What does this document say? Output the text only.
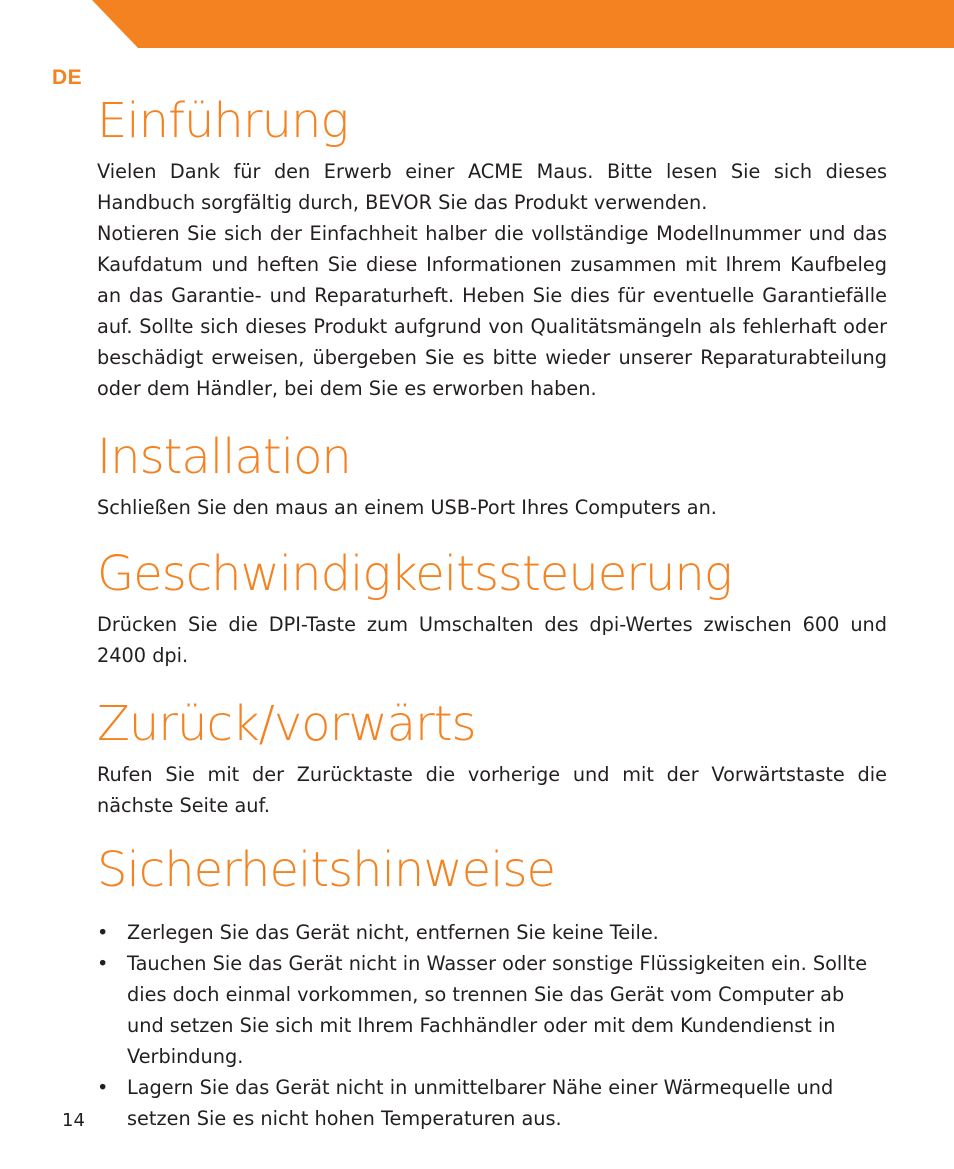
DE
Einführung

Vielen Dank für den Erwerb einer ACME Maus. Bitte lesen Sie sich dieses Handbuch sorgfältig durch, BEVOR Sie das Produkt verwenden.

Notieren Sie sich der Einfachheit halber die vollständige Modellnummer und das Kaufdatum und heften Sie diese Informationen zusammen mit Ihrem Kaufbeleg an das Garantie- und Reparaturheft. Heben Sie dies für eventuelle Garantiefälle auf. Sollte sich dieses Produkt aufgrund von Qualitätsmängeln als fehlerhaft oder beschädigt erweisen, übergeben Sie es bitte wieder unserer Reparaturabteilung oder dem Händler, bei dem Sie es erworben haben.

Installation

Schließen Sie den maus an einem USB-Port Ihres Computers an.

Geschwindigkeitssteuerung

Drücken Sie die DPI-Taste zum Umschalten des dpi-Wertes zwischen 600 und 2400 dpi.

Zurück/vorwärts

Rufen Sie mit der Zurücktaste die vorherige und mit der Vorwärtstaste die nächste Seite auf.

Sicherheitshinweise
• Zerlegen Sie das Gerät nicht, entfernen Sie keine Teile.
• Tauchen Sie das Gerät nicht in Wasser oder sonstige Flüssigkeiten ein. Sollte dies doch einmal vorkommen, so trennen Sie das Gerät vom Computer ab und setzen Sie sich mit Ihrem Fachhändler oder mit dem Kundendienst in Verbindung.
• Lagern Sie das Gerät nicht in unmittelbarer Nähe einer Wärmequelle und setzen Sie es nicht hohen Temperaturen aus.
14
